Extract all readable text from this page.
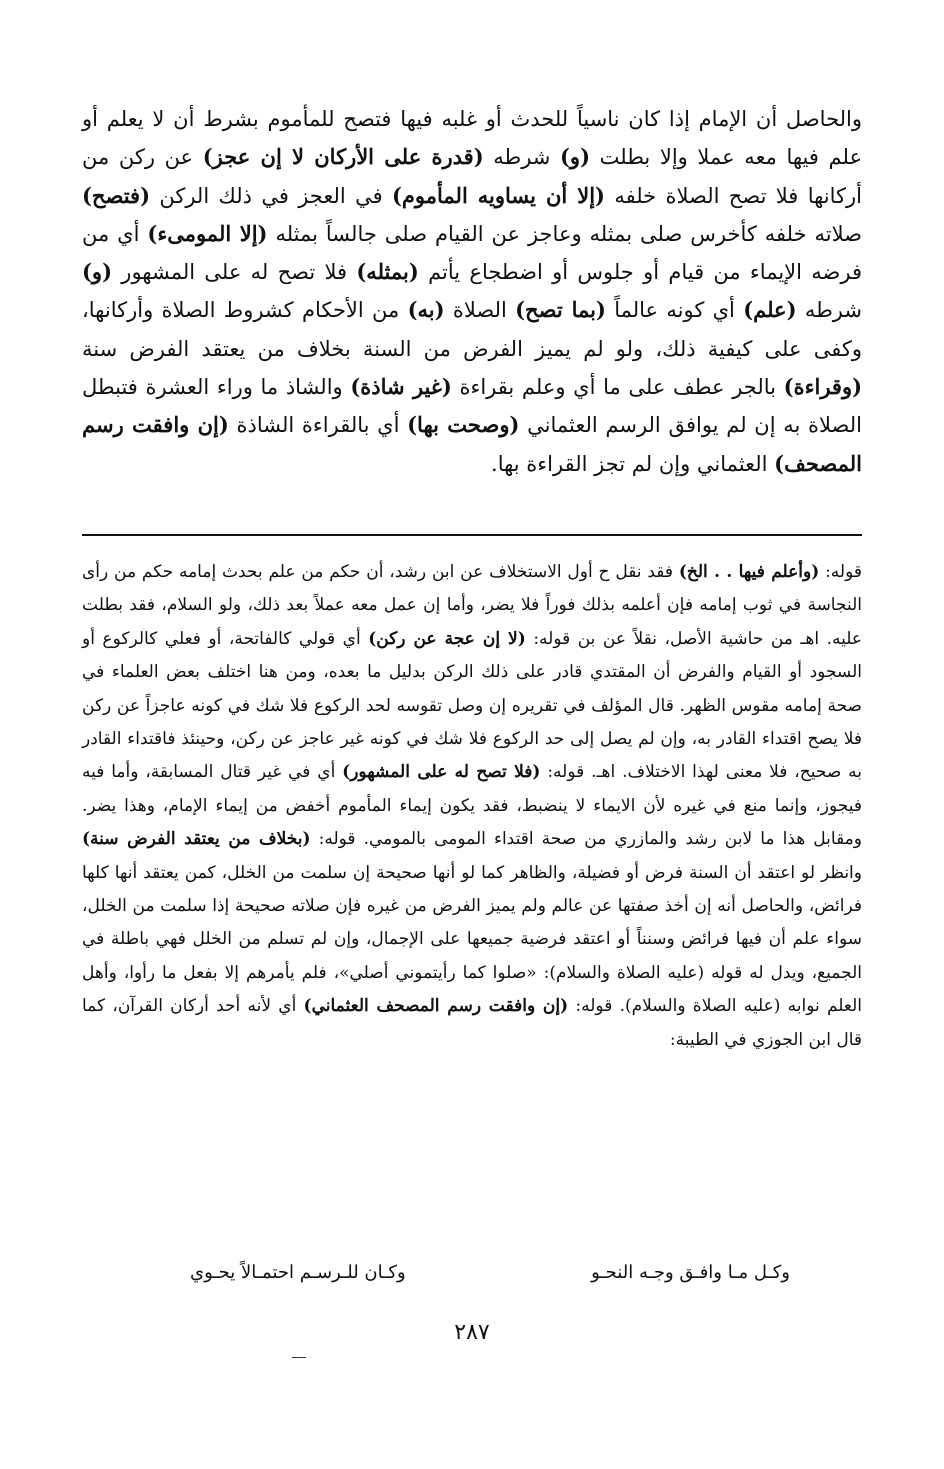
والحاصل أن الإمام إذا كان ناسياً للحدث أو غلبه فيها فتصح للمأموم بشرط أن لا يعلم أو علم فيها معه عملا وإلا بطلت (و) شرطه (قدرة على الأركان لا إن عجز) عن ركن من أركانها فلا تصح الصلاة خلفه (إلا أن يساويه المأموم) في العجز في ذلك الركن (فتصح) صلاته خلفه كأخرس صلى بمثله وعاجز عن القيام صلى جالساً بمثله (إلا المومىء) أي من فرضه الإيماء من قيام أو جلوس أو اضطجاع يأتم (بمثله) فلا تصح له على المشهور (و) شرطه (علم) أي كونه عالماً (بما تصح) الصلاة (به) من الأحكام كشروط الصلاة وأركانها، وكفى على كيفية ذلك، ولو لم يميز الفرض من السنة بخلاف من يعتقد الفرض سنة (وقراءة) بالجر عطف على ما أي وعلم بقراءة (غير شاذة) والشاذ ما وراء العشرة فتبطل الصلاة به إن لم يوافق الرسم العثماني (وصحت بها) أي بالقراءة الشاذة (إن وافقت رسم المصحف) العثماني وإن لم تجز القراءة بها.

قوله: (وأعلم فيها . . الخ) فقد نقل ح أول الاستخلاف عن ابن رشد، أن حكم من علم بحدث إمامه حكم من رأى النجاسة في ثوب إمامه فإن أعلمه بذلك فوراً فلا يضر، وأما إن عمل معه عملاً بعد ذلك، ولو السلام، فقد بطلت عليه. اهـ من حاشية الأصل، نقلاً عن بن قوله: (لا إن عجة عن ركن) أي قولي كالفاتحة، أو فعلي كالركوع أو السجود أو القيام والفرض أن المقتدي قادر على ذلك الركن بدليل ما بعده، ومن هنا اختلف بعض العلماء في صحة إمامه مقوس الظهر. قال المؤلف في تقريره إن وصل تقوسه لحد الركوع فلا شك في كونه عاجزاً عن ركن فلا يصح اقتداء القادر به، وإن لم يصل إلى حد الركوع فلا شك في كونه غير عاجز عن ركن، وحينئذ فاقتداء القادر به صحيح، فلا معنى لهذا الاختلاف. اهـ. قوله: (فلا تصح له على المشهور) أي في غير قتال المسابقة، وأما فيه فيجوز، وإنما منع في غيره لأن الايماء لا ينضبط، فقد يكون إيماء المأموم أخفض من إيماء الإمام، وهذا يضر. ومقابل هذا ما لابن رشد والمازري من صحة اقتداء المومى بالمومي. قوله: (بخلاف من يعتقد الفرض سنة) وانظر لو اعتقد أن السنة فرض أو فضيلة، والظاهر كما لو أنها صحيحة إن سلمت من الخلل، كمن يعتقد أنها كلها فرائض، والحاصل أنه إن أخذ صفتها عن عالم ولم يميز الفرض من غيره فإن صلاته صحيحة إذا سلمت من الخلل، سواء علم أن فيها فرائض وسنناً أو اعتقد فرضية جميعها على الإجمال، وإن لم تسلم من الخلل فهي باطلة في الجميع، ويدل له قوله (عليه الصلاة والسلام): «صلوا كما رأيتموني أصلي»، فلم يأمرهم إلا بفعل ما رأوا، وأهل العلم نوابه (عليه الصلاة والسلام). قوله: (إن وافقت رسم المصحف العثماني) أي لأنه أحد أركان القرآن، كما قال ابن الجوزي في الطيبة:

وكـل مـا وافـق وجـه النحـو
وكـان للـرسـم احتمـالاً يحـوي
٢٨٧
